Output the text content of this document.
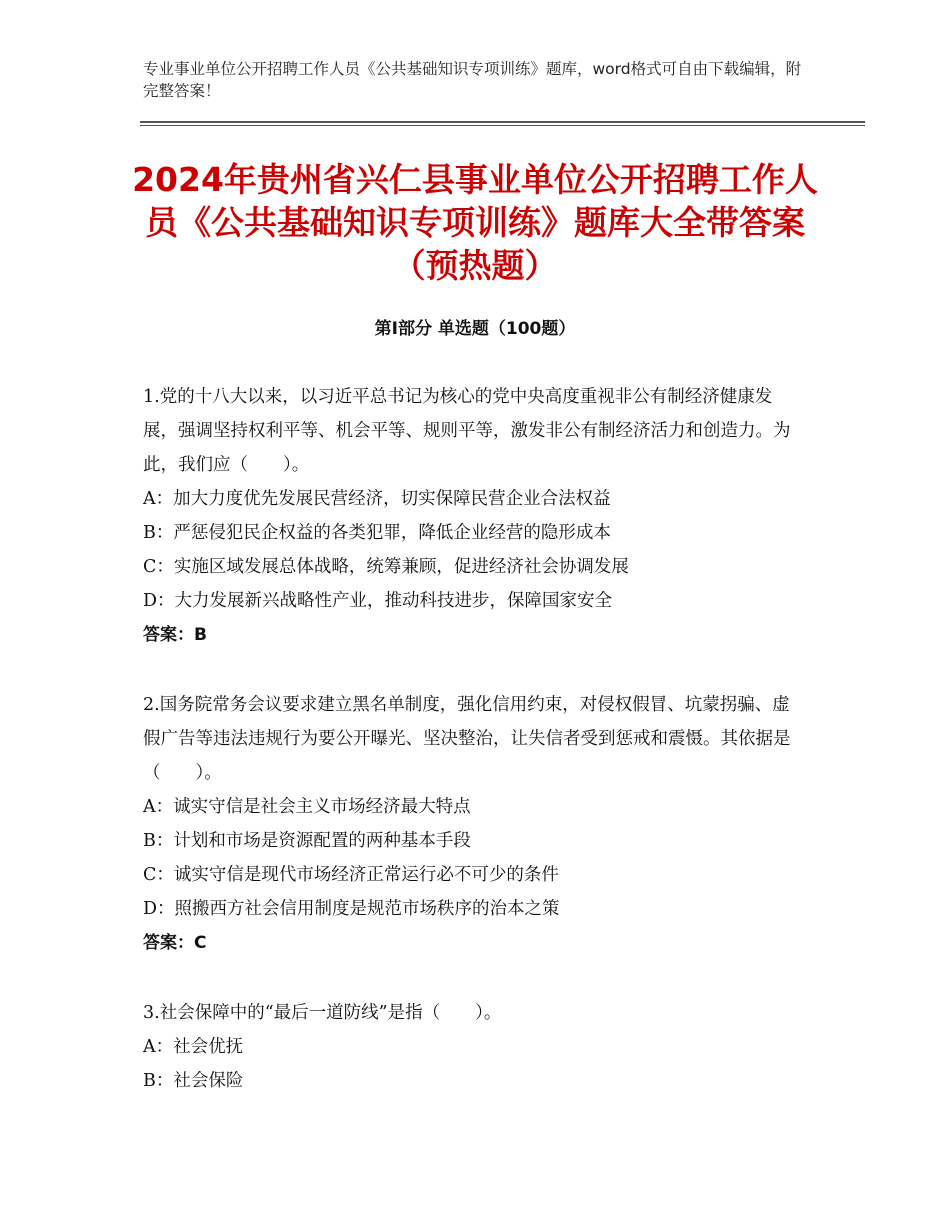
专业事业单位公开招聘工作人员《公共基础知识专项训练》题库，word格式可自由下载编辑，附完整答案！
2024年贵州省兴仁县事业单位公开招聘工作人员《公共基础知识专项训练》题库大全带答案（预热题）
第Ⅰ部分 单选题（100题）

1.党的十八大以来，以习近平总书记为核心的党中央高度重视非公有制经济健康发展，强调坚持权利平等、机会平等、规则平等，激发非公有制经济活力和创造力。为此，我们应（　　）。

A：加大力度优先发展民营经济，切实保障民营企业合法权益

B：严惩侵犯民企权益的各类犯罪，降低企业经营的隐形成本

C：实施区域发展总体战略，统筹兼顾，促进经济社会协调发展

D：大力发展新兴战略性产业，推动科技进步，保障国家安全

答案：B

2.国务院常务会议要求建立黑名单制度，强化信用约束，对侵权假冒、坑蒙拐骗、虚假广告等违法违规行为要公开曝光、坚决整治，让失信者受到惩戒和震慑。其依据是（　　）。

A：诚实守信是社会主义市场经济最大特点

B：计划和市场是资源配置的两种基本手段

C：诚实守信是现代市场经济正常运行必不可少的条件

D：照搬西方社会信用制度是规范市场秩序的治本之策

答案：C

3.社会保障中的“最后一道防线”是指（　　）。

A：社会优抚

B：社会保险
